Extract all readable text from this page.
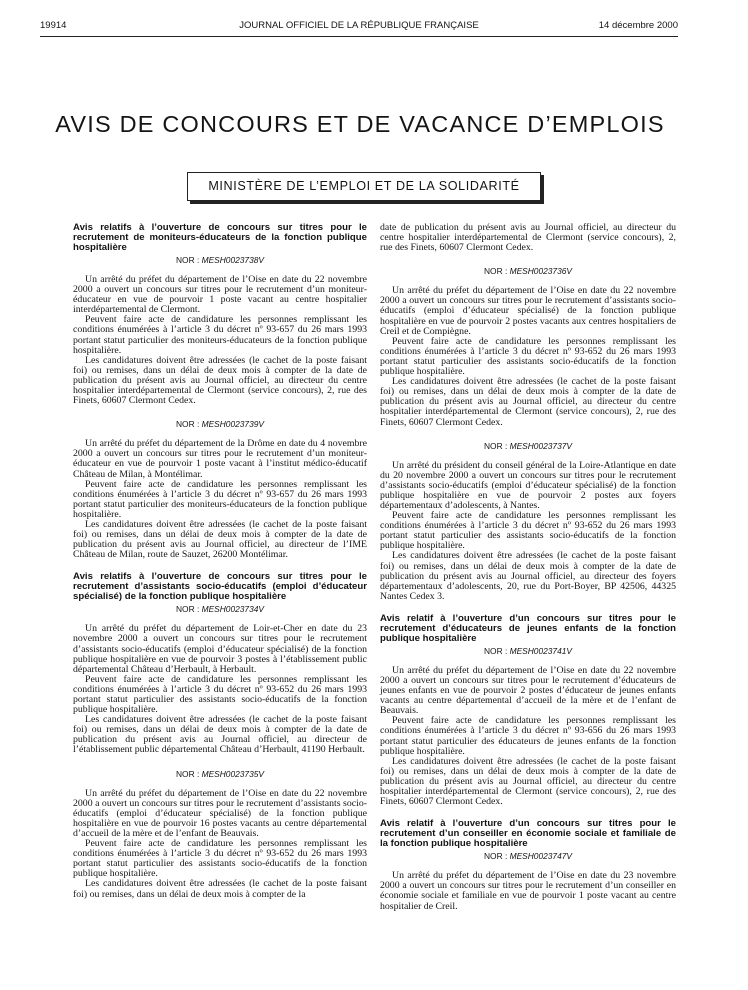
19914	JOURNAL OFFICIEL DE LA RÉPUBLIQUE FRANÇAISE	14 décembre 2000
AVIS DE CONCOURS ET DE VACANCE D’EMPLOIS
MINISTÈRE DE L’EMPLOI ET DE LA SOLIDARITÉ

Avis relatifs à l’ouverture de concours sur titres pour le recrutement de moniteurs-éducateurs de la fonction publique hospitalière

NOR : MESH0023738V

Un arrêté du préfet du département de l’Oise en date du 22 novembre 2000 a ouvert un concours sur titres pour le recrutement d’un moniteur-éducateur en vue de pourvoir 1 poste vacant au centre hospitalier interdépartemental de Clermont.

Peuvent faire acte de candidature les personnes remplissant les conditions énumérées à l’article 3 du décret nº 93-657 du 26 mars 1993 portant statut particulier des moniteurs-éducateurs de la fonction publique hospitalière.

Les candidatures doivent être adressées (le cachet de la poste faisant foi) ou remises, dans un délai de deux mois à compter de la date de publication du présent avis au Journal officiel, au directeur du centre hospitalier interdépartemental de Clermont (service concours), 2, rue des Finets, 60607 Clermont Cedex.

NOR : MESH0023739V

Un arrêté du préfet du département de la Drôme en date du 4 novembre 2000 a ouvert un concours sur titres pour le recrutement d’un moniteur-éducateur en vue de pourvoir 1 poste vacant à l’institut médico-éducatif Château de Milan, à Montélimar.

Peuvent faire acte de candidature les personnes remplissant les conditions énumérées à l’article 3 du décret nº 93-657 du 26 mars 1993 portant statut particulier des moniteurs-éducateurs de la fonction publique hospitalière.

Les candidatures doivent être adressées (le cachet de la poste faisant foi) ou remises, dans un délai de deux mois à compter de la date de publication du présent avis au Journal officiel, au directeur de l’IME Château de Milan, route de Sauzet, 26200 Montélimar.

Avis relatifs à l’ouverture de concours sur titres pour le recrutement d’assistants socio-éducatifs (emploi d’éducateur spécialisé) de la fonction publique hospitalière

NOR : MESH0023734V

Un arrêté du préfet du département de Loir-et-Cher en date du 23 novembre 2000 a ouvert un concours sur titres pour le recrutement d’assistants socio-éducatifs (emploi d’éducateur spécialisé) de la fonction publique hospitalière en vue de pourvoir 3 postes à l’établissement public départemental Château d’Herbault, à Herbault.

Peuvent faire acte de candidature les personnes remplissant les conditions énumérées à l’article 3 du décret nº 93-652 du 26 mars 1993 portant statut particulier des assistants socio-éducatifs de la fonction publique hospitalière.

Les candidatures doivent être adressées (le cachet de la poste faisant foi) ou remises, dans un délai de deux mois à compter de la date de publication du présent avis au Journal officiel, au directeur de l’établissement public départemental Château d’Herbault, 41190 Herbault.

NOR : MESH0023735V

Un arrêté du préfet du département de l’Oise en date du 22 novembre 2000 a ouvert un concours sur titres pour le recrutement d’assistants socio-éducatifs (emploi d’éducateur spécialisé) de la fonction publique hospitalière en vue de pourvoir 16 postes vacants au centre départemental d’accueil de la mère et de l’enfant de Beauvais.

Peuvent faire acte de candidature les personnes remplissant les conditions énumérées à l’article 3 du décret nº 93-652 du 26 mars 1993 portant statut particulier des assistants socio-éducatifs de la fonction publique hospitalière.

Les candidatures doivent être adressées (le cachet de la poste faisant foi) ou remises, dans un délai de deux mois à compter de la

date de publication du présent avis au Journal officiel, au directeur du centre hospitalier interdépartemental de Clermont (service concours), 2, rue des Finets, 60607 Clermont Cedex.

NOR : MESH0023736V

Un arrêté du préfet du département de l’Oise en date du 22 novembre 2000 a ouvert un concours sur titres pour le recrutement d’assistants socio-éducatifs (emploi d’éducateur spécialisé) de la fonction publique hospitalière en vue de pourvoir 2 postes vacants aux centres hospitaliers de Creil et de Compiègne.

Peuvent faire acte de candidature les personnes remplissant les conditions énumérées à l’article 3 du décret nº 93-652 du 26 mars 1993 portant statut particulier des assistants socio-éducatifs de la fonction publique hospitalière.

Les candidatures doivent être adressées (le cachet de la poste faisant foi) ou remises, dans un délai de deux mois à compter de la date de publication du présent avis au Journal officiel, au directeur du centre hospitalier interdépartemental de Clermont (service concours), 2, rue des Finets, 60607 Clermont Cedex.

NOR : MESH0023737V

Un arrêté du président du conseil général de la Loire-Atlantique en date du 20 novembre 2000 a ouvert un concours sur titres pour le recrutement d’assistants socio-éducatifs (emploi d’éducateur spécialisé) de la fonction publique hospitalière en vue de pourvoir 2 postes aux foyers départementaux d’adolescents, à Nantes.

Peuvent faire acte de candidature les personnes remplissant les conditions énumérées à l’article 3 du décret nº 93-652 du 26 mars 1993 portant statut particulier des assistants socio-éducatifs de la fonction publique hospitalière.

Les candidatures doivent être adressées (le cachet de la poste faisant foi) ou remises, dans un délai de deux mois à compter de la date de publication du présent avis au Journal officiel, au directeur des foyers départementaux d’adolescents, 20, rue du Port-Boyer, BP 42506, 44325 Nantes Cedex 3.

Avis relatif à l’ouverture d’un concours sur titres pour le recrutement d’éducateurs de jeunes enfants de la fonction publique hospitalière

NOR : MESH0023741V

Un arrêté du préfet du département de l’Oise en date du 22 novembre 2000 a ouvert un concours sur titres pour le recrutement d’éducateurs de jeunes enfants en vue de pourvoir 2 postes d’éducateur de jeunes enfants vacants au centre départemental d’accueil de la mère et de l’enfant de Beauvais.

Peuvent faire acte de candidature les personnes remplissant les conditions énumérées à l’article 3 du décret nº 93-656 du 26 mars 1993 portant statut particulier des éducateurs de jeunes enfants de la fonction publique hospitalière.

Les candidatures doivent être adressées (le cachet de la poste faisant foi) ou remises, dans un délai de deux mois à compter de la date de publication du présent avis au Journal officiel, au directeur du centre hospitalier interdépartemental de Clermont (service concours), 2, rue des Finets, 60607 Clermont Cedex.

Avis relatif à l’ouverture d’un concours sur titres pour le recrutement d’un conseiller en économie sociale et familiale de la fonction publique hospitalière

NOR : MESH0023747V

Un arrêté du préfet du département de l’Oise en date du 23 novembre 2000 a ouvert un concours sur titres pour le recrutement d’un conseiller en économie sociale et familiale en vue de pourvoir 1 poste vacant au centre hospitalier de Creil.
